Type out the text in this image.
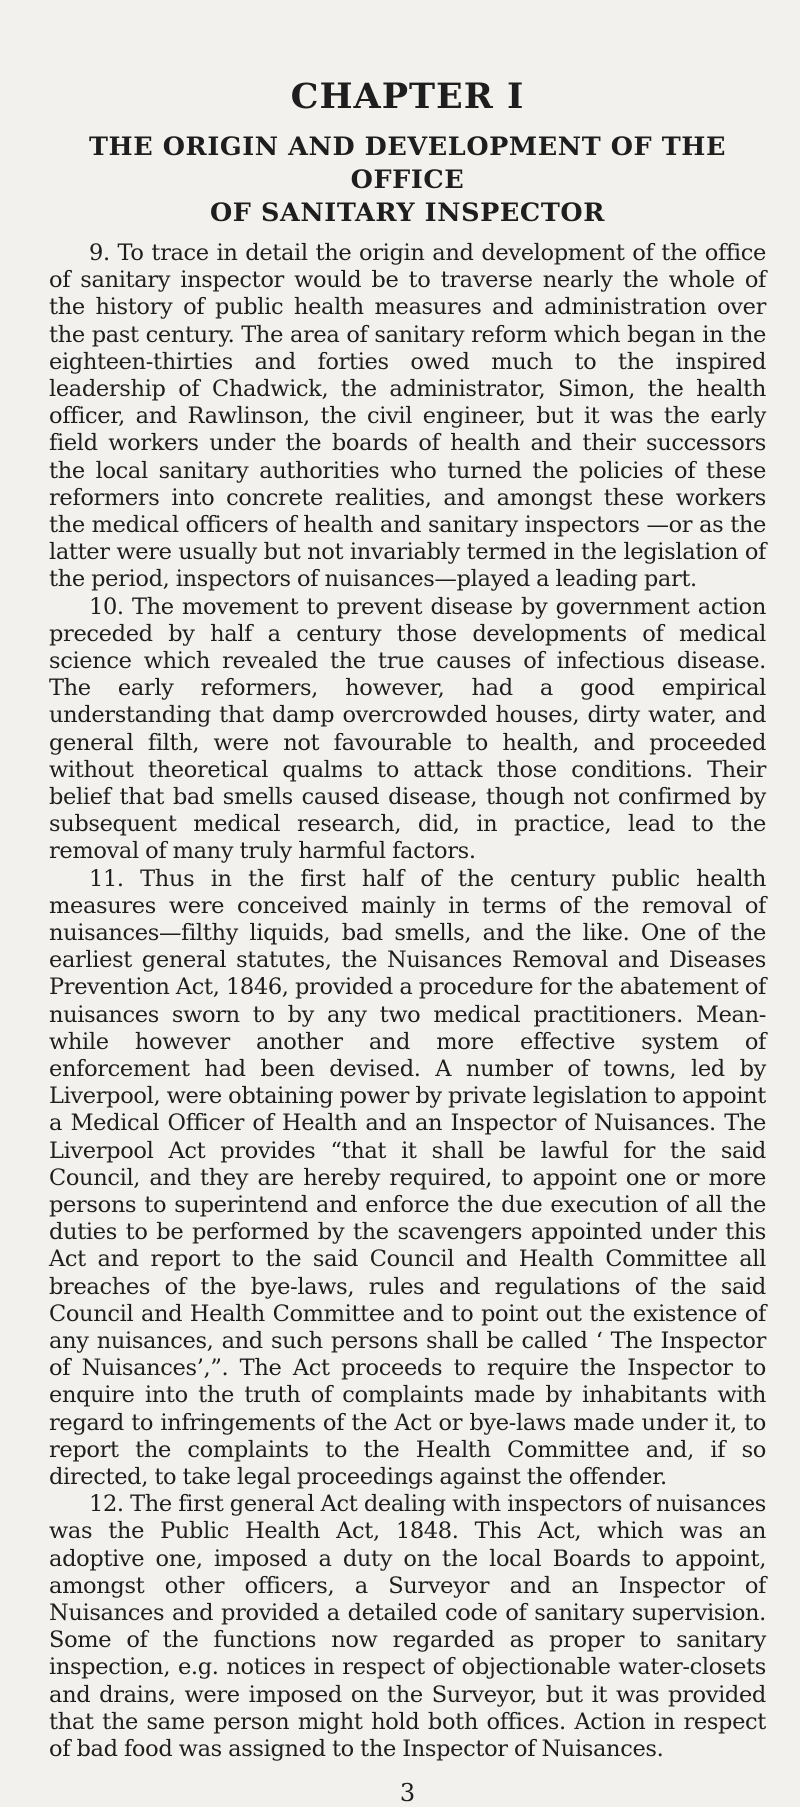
CHAPTER I
THE ORIGIN AND DEVELOPMENT OF THE OFFICE
OF SANITARY INSPECTOR

9. To trace in detail the origin and development of the office of sanitary inspector would be to traverse nearly the whole of the history of public health measures and administration over the past century. The area of sanitary reform which began in the eighteen-thirties and forties owed much to the inspired leadership of Chadwick, the administrator, Simon, the health officer, and Rawlinson, the civil engineer, but it was the early field workers under the boards of health and their successors the local sanitary authorities who turned the policies of these reformers into concrete realities, and amongst these workers the medical officers of health and sanitary inspectors —or as the latter were usually but not invariably termed in the legislation of the period, inspectors of nuisances—played a leading part.

10. The movement to prevent disease by government action preceded by half a century those developments of medical science which revealed the true causes of infectious disease. The early reformers, however, had a good empirical understanding that damp overcrowded houses, dirty water, and general filth, were not favourable to health, and proceeded without theoretical qualms to attack those conditions. Their belief that bad smells caused disease, though not confirmed by subsequent medical research, did, in practice, lead to the removal of many truly harmful factors.

11. Thus in the first half of the century public health measures were conceived mainly in terms of the removal of nuisances—filthy liquids, bad smells, and the like. One of the earliest general statutes, the Nuisances Removal and Diseases Prevention Act, 1846, provided a procedure for the abatement of nuisances sworn to by any two medical practitioners. Mean-while however another and more effective system of enforcement had been devised. A number of towns, led by Liverpool, were obtaining power by private legislation to appoint a Medical Officer of Health and an Inspector of Nuisances. The Liverpool Act provides “that it shall be lawful for the said Council, and they are hereby required, to appoint one or more persons to superintend and enforce the due execution of all the duties to be performed by the scavengers appointed under this Act and report to the said Council and Health Committee all breaches of the bye-laws, rules and regulations of the said Council and Health Committee and to point out the existence of any nuisances, and such persons shall be called ‘ The Inspector of Nuisances’,”. The Act proceeds to require the Inspector to enquire into the truth of complaints made by inhabitants with regard to infringements of the Act or bye-laws made under it, to report the complaints to the Health Committee and, if so directed, to take legal proceedings against the offender.

12. The first general Act dealing with inspectors of nuisances was the Public Health Act, 1848. This Act, which was an adoptive one, imposed a duty on the local Boards to appoint, amongst other officers, a Surveyor and an Inspector of Nuisances and provided a detailed code of sanitary supervision. Some of the functions now regarded as proper to sanitary inspection, e.g. notices in respect of objectionable water-closets and drains, were imposed on the Surveyor, but it was provided that the same person might hold both offices. Action in respect of bad food was assigned to the Inspector of Nuisances.

3
